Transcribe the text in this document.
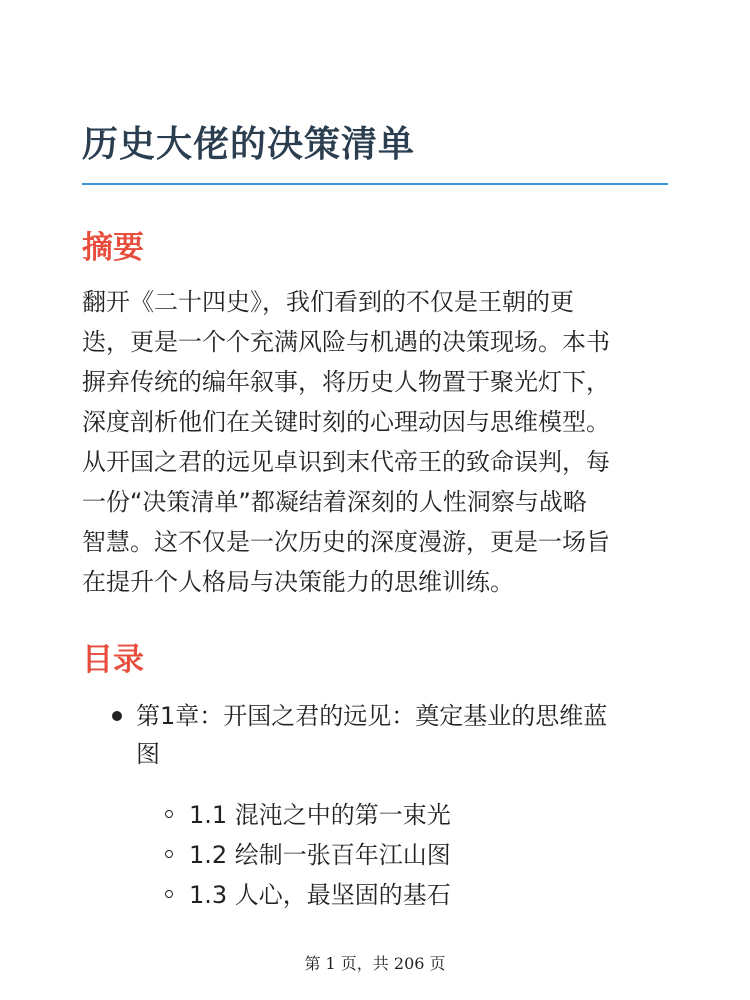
历史大佬的决策清单
摘要

翻开《二十四史》，我们看到的不仅是王朝的更
迭，更是一个个充满风险与机遇的决策现场。本书
摒弃传统的编年叙事，将历史人物置于聚光灯下，
深度剖析他们在关键时刻的心理动因与思维模型。
从开国之君的远见卓识到末代帝王的致命误判，每
一份“决策清单”都凝结着深刻的人性洞察与战略
智慧。这不仅是一次历史的深度漫游，更是一场旨
在提升个人格局与决策能力的思维训练。

目录
第1章：开国之君的远见：奠定基业的思维蓝
图
1.1 混沌之中的第一束光
1.2 绘制一张百年江山图
1.3 人心，最坚固的基石
第 1 页，共 206 页
